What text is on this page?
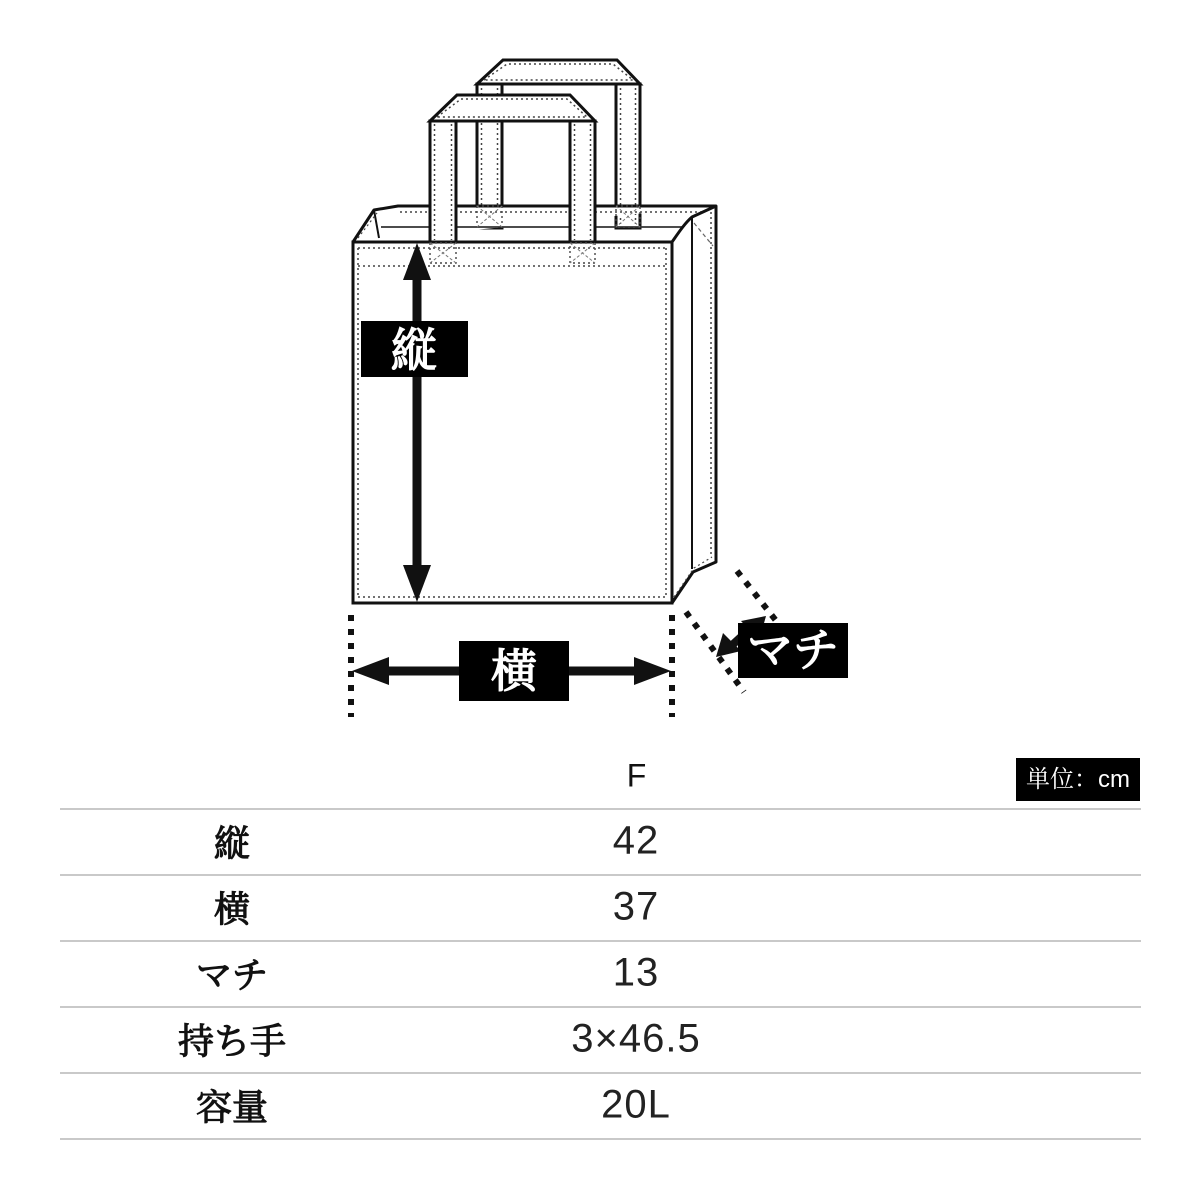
縦
横	マチ
単位：cm
F
縦	42
横	37
マチ	13
持ち手	3×46.5
容量	20L
